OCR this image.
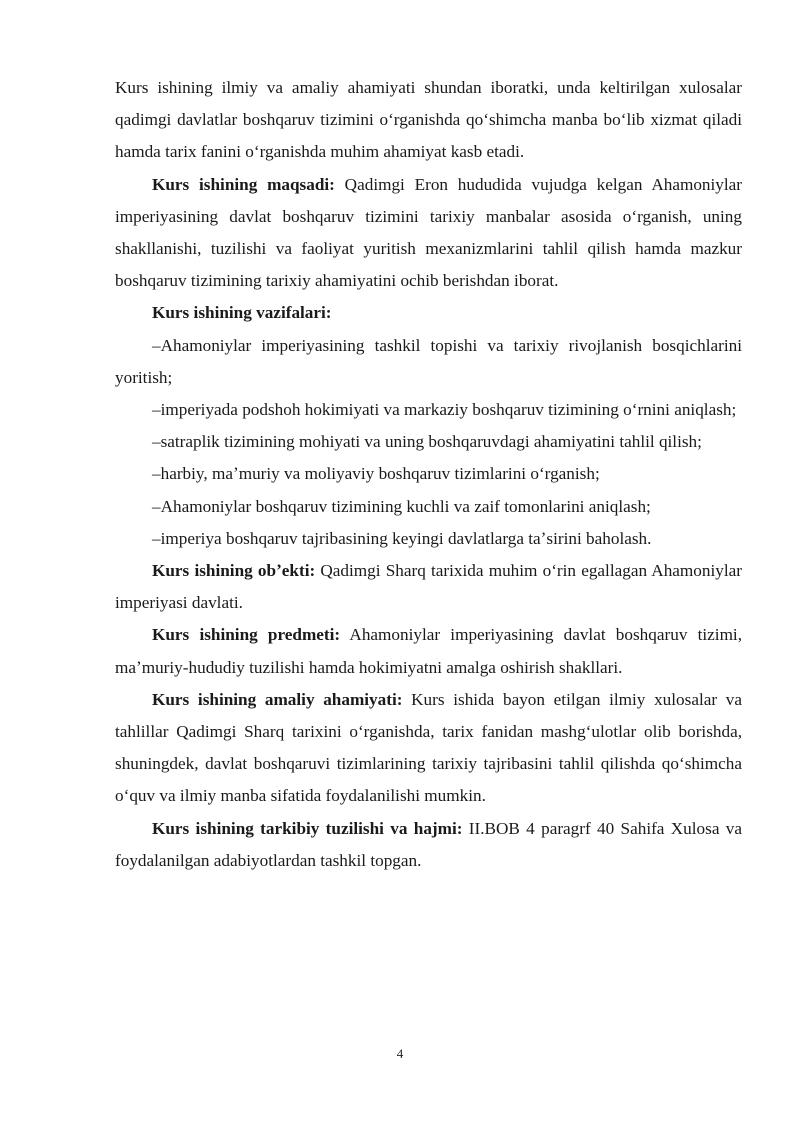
Kurs ishining ilmiy va amaliy ahamiyati shundan iboratki, unda keltirilgan xulosalar qadimgi davlatlar boshqaruv tizimini oʻrganishda qoʻshimcha manba boʻlib xizmat qiladi hamda tarix fanini oʻrganishda muhim ahamiyat kasb etadi.

Kurs ishining maqsadi: Qadimgi Eron hududida vujudga kelgan Ahamoniylar imperiyasining davlat boshqaruv tizimini tarixiy manbalar asosida oʻrganish, uning shakllanishi, tuzilishi va faoliyat yuritish mexanizmlarini tahlil qilish hamda mazkur boshqaruv tizimining tarixiy ahamiyatini ochib berishdan iborat.

Kurs ishining vazifalari:

–Ahamoniylar imperiyasining tashkil topishi va tarixiy rivojlanish bosqichlarini yoritish;

–imperiyada podshoh hokimiyati va markaziy boshqaruv tizimining oʻrnini aniqlash;

–satraplik tizimining mohiyati va uning boshqaruvdagi ahamiyatini tahlil qilish;

–harbiy, maʼmuriy va moliyaviy boshqaruv tizimlarini oʻrganish;

–Ahamoniylar boshqaruv tizimining kuchli va zaif tomonlarini aniqlash;

–imperiya boshqaruv tajribasining keyingi davlatlarga taʼsirini baholash.

Kurs ishining obʼekti: Qadimgi Sharq tarixida muhim oʻrin egallagan Ahamoniylar imperiyasi davlati.

Kurs ishining predmeti: Ahamoniylar imperiyasining davlat boshqaruv tizimi, maʼmuriy-hududiy tuzilishi hamda hokimiyatni amalga oshirish shakllari.

Kurs ishining amaliy ahamiyati: Kurs ishida bayon etilgan ilmiy xulosalar va tahlillar Qadimgi Sharq tarixini oʻrganishda, tarix fanidan mashgʻulotlar olib borishda, shuningdek, davlat boshqaruvi tizimlarining tarixiy tajribasini tahlil qilishda qoʻshimcha oʻquv va ilmiy manba sifatida foydalanilishi mumkin.

Kurs ishining tarkibiy tuzilishi va hajmi: II.BOB 4 paragrf 40 Sahifa Xulosa va foydalanilgan adabiyotlardan tashkil topgan.

4
